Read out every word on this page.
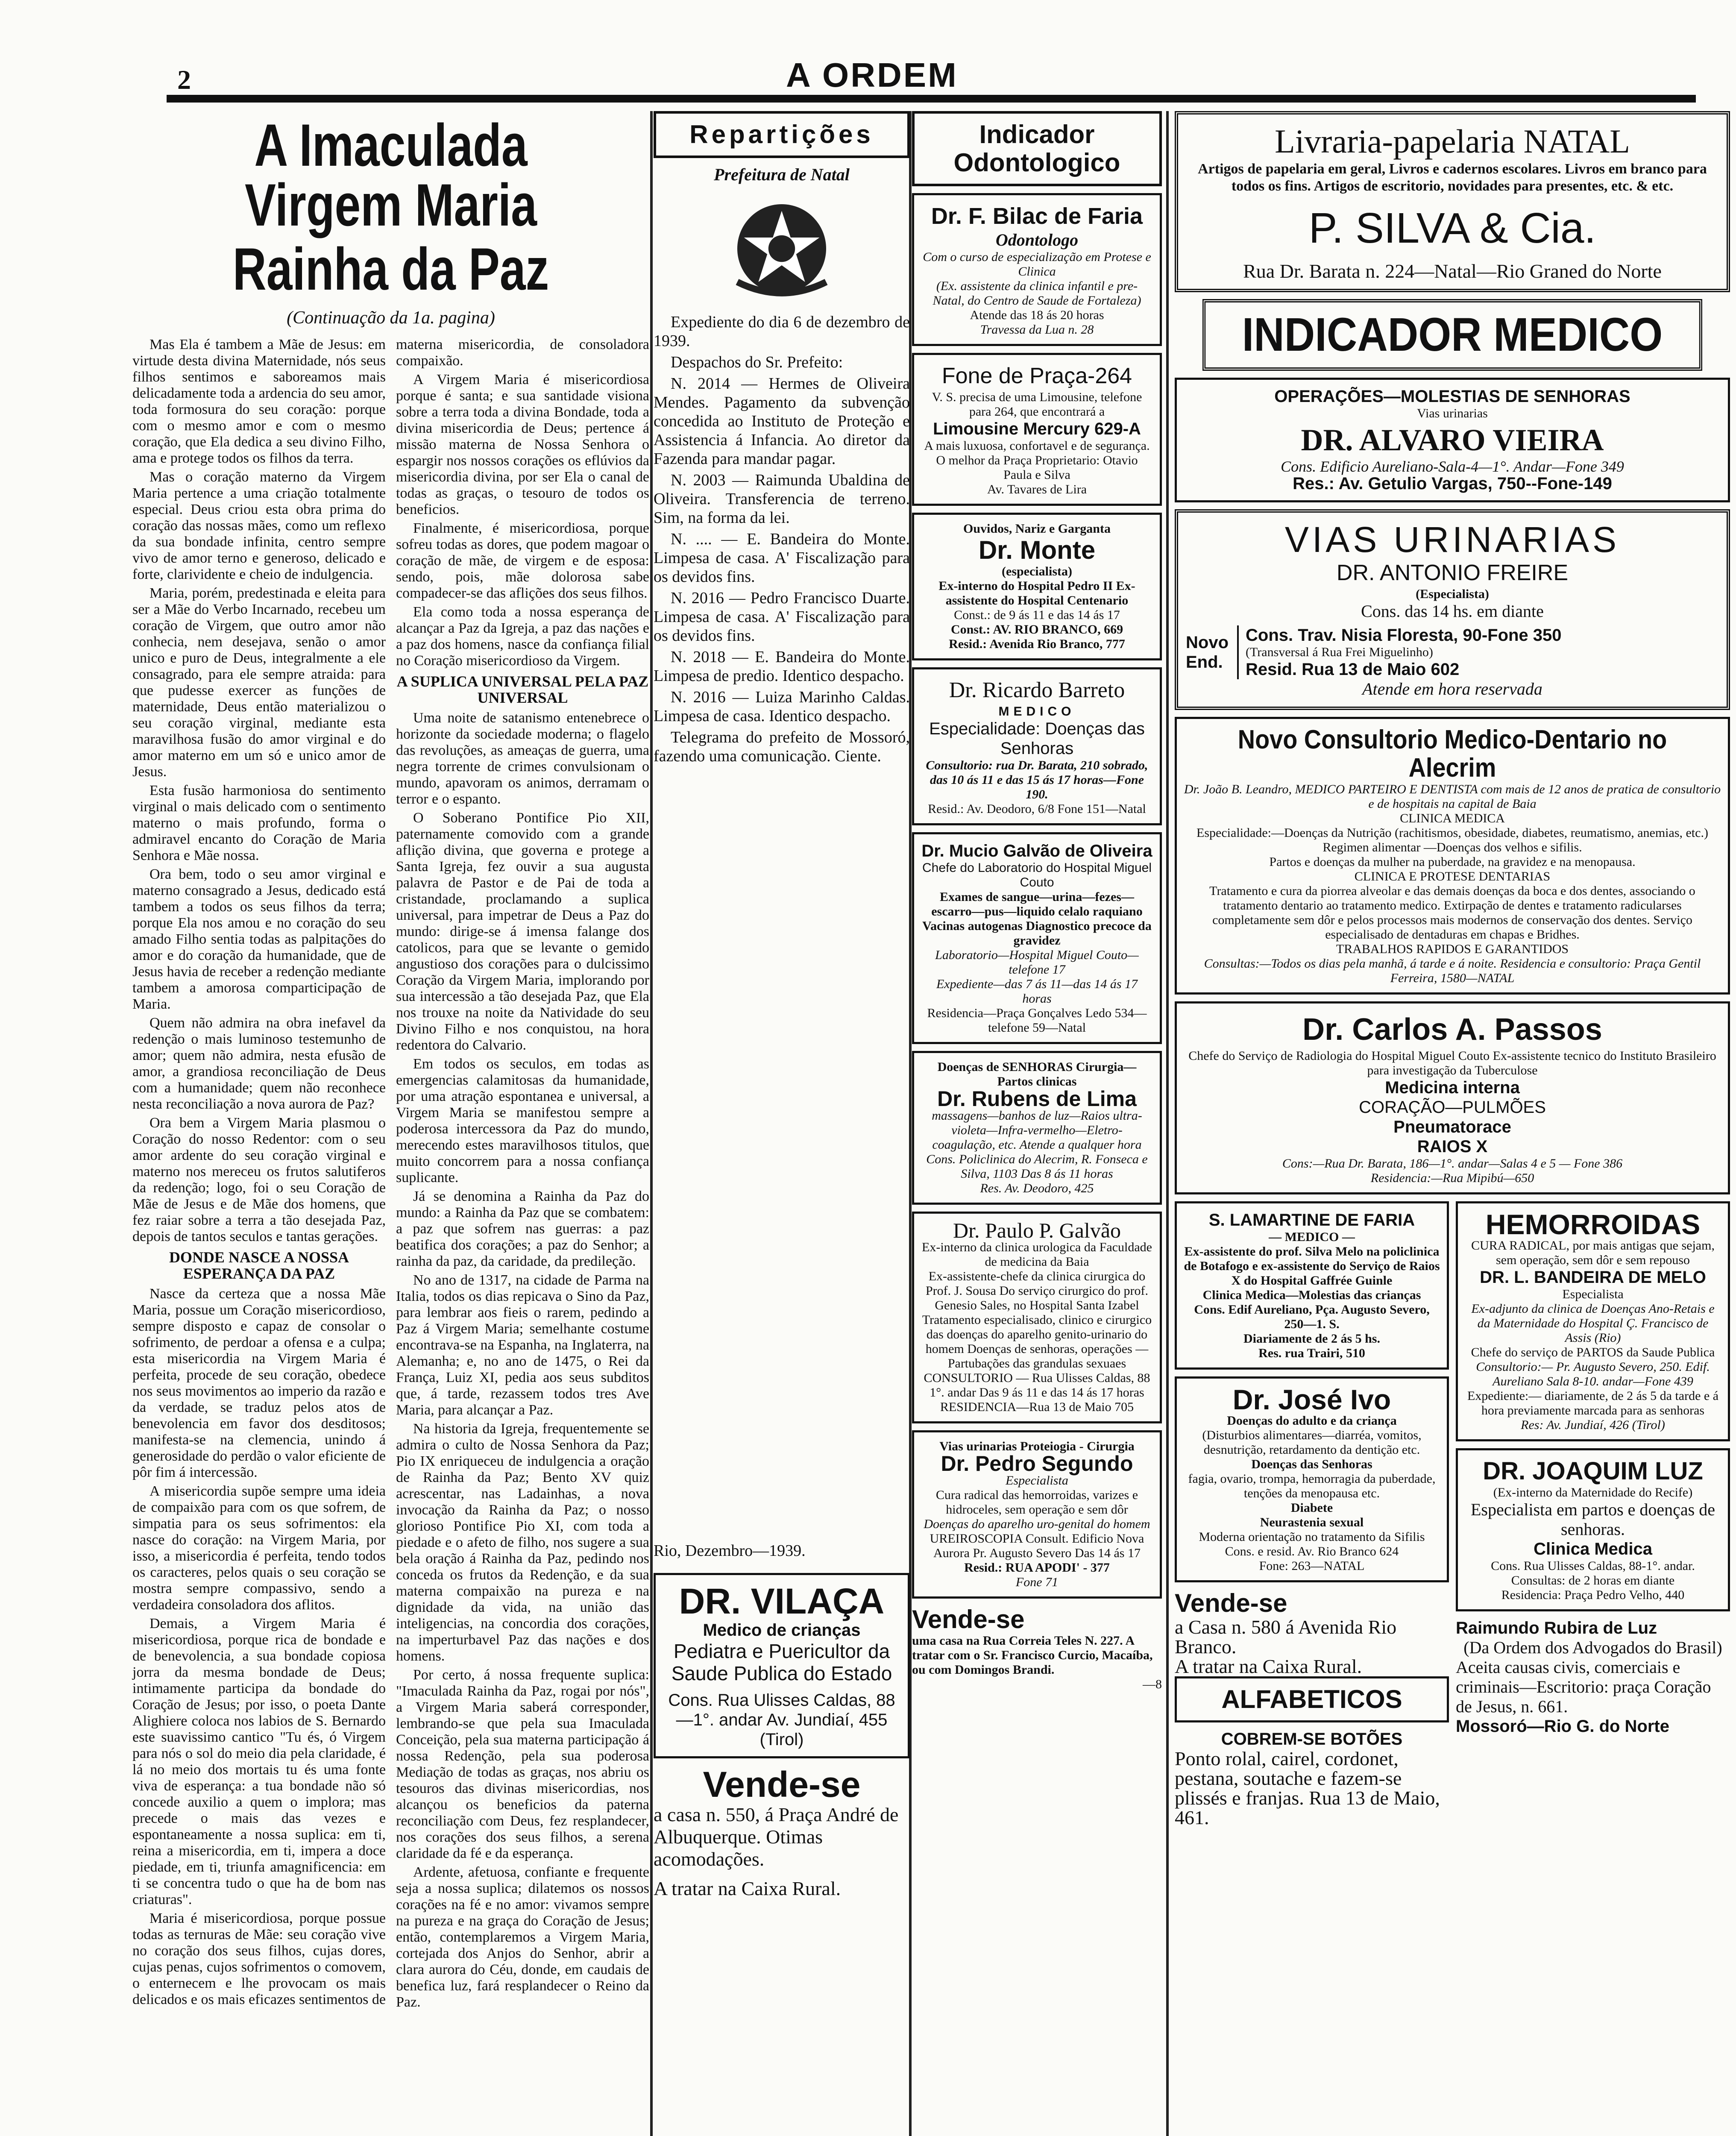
2	A ORDEM
A Imaculada Virgem Maria
Rainha da Paz
(Continuação da 1a. pagina)

Mas Ela é tambem a Mãe de Jesus: em virtude desta divina Maternidade, nós seus filhos sentimos e saboreamos mais delicadamente toda a ardencia do seu amor, toda formosura do seu coração: porque com o mesmo amor e com o mesmo coração, que Ela dedica a seu divino Filho, ama e protege todos os filhos da terra.

Mas o coração materno da Virgem Maria pertence a uma criação totalmente especial. Deus criou esta obra prima do coração das nossas mães, como um reflexo da sua bondade infinita, centro sempre vivo de amor terno e generoso, delicado e forte, clarividente e cheio de indulgencia.

Maria, porém, predestinada e eleita para ser a Mãe do Verbo Incarnado, recebeu um coração de Virgem, que outro amor não conhecia, nem desejava, senão o amor unico e puro de Deus, integralmente a ele consagrado, para ele sempre atraida: para que pudesse exercer as funções de maternidade, Deus então materializou o seu coração virginal, mediante esta maravilhosa fusão do amor virginal e do amor materno em um só e unico amor de Jesus.

Esta fusão harmoniosa do sentimento virginal o mais delicado com o sentimento materno o mais profundo, forma o admiravel encanto do Coração de Maria Senhora e Mãe nossa.

Ora bem, todo o seu amor virginal e materno consagrado a Jesus, dedicado está tambem a todos os seus filhos da terra; porque Ela nos amou e no coração do seu amado Filho sentia todas as palpitações do amor e do coração da humanidade, que de Jesus havia de receber a redenção mediante tambem a amorosa comparticipação de Maria.

Quem não admira na obra inefavel da redenção o mais luminoso testemunho de amor; quem não admira, nesta efusão de amor, a grandiosa reconciliação de Deus com a humanidade; quem não reconhece nesta reconciliação a nova aurora de Paz?

Ora bem a Virgem Maria plasmou o Coração do nosso Redentor: com o seu amor ardente do seu coração virginal e materno nos mereceu os frutos salutiferos da redenção; logo, foi o seu Coração de Mãe de Jesus e de Mãe dos homens, que fez raiar sobre a terra a tão desejada Paz, depois de tantos seculos e tantas gerações.

DONDE NASCE A NOSSA ESPERANÇA DA PAZ

Nasce da certeza que a nossa Mãe Maria, possue um Coração misericordioso, sempre disposto e capaz de consolar o sofrimento, de perdoar a ofensa e a culpa; esta misericordia na Virgem Maria é perfeita, procede de seu coração, obedece nos seus movimentos ao imperio da razão e da verdade, se traduz pelos atos de benevolencia em favor dos desditosos; manifesta-se na clemencia, unindo á generosidade do perdão o valor eficiente de pôr fim á intercessão.

A misericordia supõe sempre uma ideia de compaixão para com os que sofrem, de simpatia para os seus sofrimentos: ela nasce do coração: na Virgem Maria, por isso, a misericordia é perfeita, tendo todos os caracteres, pelos quais o seu coração se mostra sempre compassivo, sendo a verdadeira consoladora dos aflitos.

Demais, a Virgem Maria é misericordiosa, porque rica de bondade e de benevolencia, a sua bondade copiosa jorra da mesma bondade de Deus; intimamente participa da bondade do Coração de Jesus; por isso, o poeta Dante Alighiere coloca nos labios de S. Bernardo este suavissimo cantico "Tu és, ó Virgem para nós o sol do meio dia pela claridade, é lá no meio dos mortais tu és uma fonte viva de esperança: a tua bondade não só concede auxilio a quem o implora; mas precede o mais das vezes e espontaneamente a nossa suplica: em ti, reina a misericordia, em ti, impera a doce piedade, em ti, triunfa amagnificencia: em ti se concentra tudo o que ha de bom nas criaturas".

Maria é misericordiosa, porque possue todas as ternuras de Mãe: seu coração vive no coração dos seus filhos, cujas dores, cujas penas, cujos sofrimentos o comovem, o enternecem e lhe provocam os mais delicados e os mais eficazes sentimentos de materna misericordia, de consoladora compaixão.

A Virgem Maria é misericordiosa porque é santa; e sua santidade visiona sobre a terra toda a divina Bondade, toda a divina misericordia de Deus; pertence á missão materna de Nossa Senhora o espargir nos nossos corações os eflúvios da misericordia divina, por ser Ela o canal de todas as graças, o tesouro de todos os beneficios.

Finalmente, é misericordiosa, porque sofreu todas as dores, que podem magoar o coração de mãe, de virgem e de esposa: sendo, pois, mãe dolorosa sabe compadecer-se das aflições dos seus filhos.

Ela como toda a nossa esperança de alcançar a Paz da Igreja, a paz das nações e a paz dos homens, nasce da confiança filial no Coração misericordioso da Virgem.

A SUPLICA UNIVERSAL PELA PAZ UNIVERSAL

Uma noite de satanismo entenebrece o horizonte da sociedade moderna; o flagelo das revoluções, as ameaças de guerra, uma negra torrente de crimes convulsionam o mundo, apavoram os animos, derramam o terror e o espanto.

O Soberano Pontifice Pio XII, paternamente comovido com a grande aflição divina, que governa e protege a Santa Igreja, fez ouvir a sua augusta palavra de Pastor e de Pai de toda a cristandade, proclamando a suplica universal, para impetrar de Deus a Paz do mundo: dirige-se á imensa falange dos catolicos, para que se levante o gemido angustioso dos corações para o dulcissimo Coração da Virgem Maria, implorando por sua intercessão a tão desejada Paz, que Ela nos trouxe na noite da Natividade do seu Divino Filho e nos conquistou, na hora redentora do Calvario.

Em todos os seculos, em todas as emergencias calamitosas da humanidade, por uma atração espontanea e universal, a Virgem Maria se manifestou sempre a poderosa intercessora da Paz do mundo, merecendo estes maravilhosos titulos, que muito concorrem para a nossa confiança suplicante.

Já se denomina a Rainha da Paz do mundo: a Rainha da Paz que se combatem: a paz que sofrem nas guerras: a paz beatifica dos corações; a paz do Senhor; a rainha da paz, da caridade, da predileção.

No ano de 1317, na cidade de Parma na Italia, todos os dias repicava o Sino da Paz, para lembrar aos fieis o rarem, pedindo a Paz á Virgem Maria; semelhante costume encontrava-se na Espanha, na Inglaterra, na Alemanha; e, no ano de 1475, o Rei da França, Luiz XI, pedia aos seus subditos que, á tarde, rezassem todos tres Ave Maria, para alcançar a Paz.

Na historia da Igreja, frequentemente se admira o culto de Nossa Senhora da Paz; Pio IX enriqueceu de indulgencia a oração de Rainha da Paz; Bento XV quiz acrescentar, nas Ladainhas, a nova invocação da Rainha da Paz; o nosso glorioso Pontifice Pio XI, com toda a piedade e o afeto de filho, nos sugere a sua bela oração á Rainha da Paz, pedindo nos conceda os frutos da Redenção, e da sua materna compaixão na pureza e na dignidade da vida, na união das inteligencias, na concordia dos corações, na imperturbavel Paz das nações e dos homens.

Por certo, á nossa frequente suplica: "Imaculada Rainha da Paz, rogai por nós", a Virgem Maria saberá corresponder, lembrando-se que pela sua Imaculada Conceição, pela sua materna participação á nossa Redenção, pela sua poderosa Mediação de todas as graças, nos abriu os tesouros das divinas misericordias, nos alcançou os beneficios da paterna reconciliação com Deus, fez resplandecer, nos corações dos seus filhos, a serena claridade da fé e da esperança.

Ardente, afetuosa, confiante e frequente seja a nossa suplica; dilatemos os nossos corações na fé e no amor: vivamos sempre na pureza e na graça do Coração de Jesus; então, contemplaremos a Virgem Maria, cortejada dos Anjos do Senhor, abrir a clara aurora do Céu, donde, em caudais de benefica luz, fará resplandecer o Reino da Paz.

Repartições
Prefeitura de Natal

Expediente do dia 6 de dezembro de 1939.

Despachos do Sr. Prefeito:

N. 2014 — Hermes de Oliveira Mendes. Pagamento da subvenção concedida ao Instituto de Proteção e Assistencia á Infancia. Ao diretor da Fazenda para mandar pagar.

N. 2003 — Raimunda Ubaldina de Oliveira. Transferencia de terreno. Sim, na forma da lei.

N. .... — E. Bandeira do Monte. Limpesa de casa. A' Fiscalização para os devidos fins.

N. 2016 — Pedro Francisco Duarte. Limpesa de casa. A' Fiscalização para os devidos fins.

N. 2018 — E. Bandeira do Monte. Limpesa de predio. Identico despacho.

N. 2016 — Luiza Marinho Caldas. Limpesa de casa. Identico despacho.

Telegrama do prefeito de Mossoró, fazendo uma comunicação. Ciente.

Rio, Dezembro—1939.
DR. VILAÇA
Medico de crianças
Pediatra e Puericultor da Saude Publica do Estado
Cons. Rua Ulisses Caldas, 88—1°. andar Av. Jundiaí, 455 (Tirol)
Vende-se
a casa n. 550, á Praça André de Albuquerque. Otimas acomodações.
A tratar na Caixa Rural.
Indicador Odontologico
Dr. F. Bilac de Faria
Odontologo
Com o curso de especialização em Protese e Clinica
(Ex. assistente da clinica infantil e pre-Natal, do Centro de Saude de Fortaleza)
Atende das 18 ás 20 horas
Travessa da Lua n. 28
Fone de Praça-264
V. S. precisa de uma Limousine, telefone para 264, que encontrará a
Limousine Mercury 629-A
A mais luxuosa, confortavel e de segurança. O melhor da Praça Proprietario: Otavio Paula e Silva
Av. Tavares de Lira
Ouvidos, Nariz e Garganta
Dr. Monte
(especialista)
Ex-interno do Hospital Pedro II Ex-assistente do Hospital Centenario
Const.: de 9 ás 11 e das 14 ás 17
Const.: AV. RIO BRANCO, 669
Resid.: Avenida Rio Branco, 777
Dr. Ricardo Barreto
MEDICO
Especialidade: Doenças das Senhoras
Consultorio: rua Dr. Barata, 210 sobrado, das 10 ás 11 e das 15 ás 17 horas—Fone 190.
Resid.: Av. Deodoro, 6/8 Fone 151—Natal
Dr. Mucio Galvão de Oliveira
Chefe do Laboratorio do Hospital Miguel Couto
Exames de sangue—urina—fezes—escarro—pus—liquido celalo raquiano Vacinas autogenas Diagnostico precoce da gravidez
Laboratorio—Hospital Miguel Couto—telefone 17
Expediente—das 7 ás 11—das 14 ás 17 horas
Residencia—Praça Gonçalves Ledo 534—telefone 59—Natal
Doenças de SENHORAS Cirurgia—Partos clinicas
Dr. Rubens de Lima
massagens—banhos de luz—Raios ultra-violeta—Infra-vermelho—Eletro-coagulação, etc. Atende a qualquer hora
Cons. Policlinica do Alecrim, R. Fonseca e Silva, 1103 Das 8 ás 11 horas
Res. Av. Deodoro, 425
Dr. Paulo P. Galvão
Ex-interno da clinica urologica da Faculdade de medicina da Baia
Ex-assistente-chefe da clinica cirurgica do Prof. J. Sousa Do serviço cirurgico do prof. Genesio Sales, no Hospital Santa Izabel
Tratamento especialisado, clinico e cirurgico das doenças do aparelho genito-urinario do homem Doenças de senhoras, operações — Partubações das grandulas sexuaes
CONSULTORIO — Rua Ulisses Caldas, 88 1°. andar Das 9 ás 11 e das 14 ás 17 horas
RESIDENCIA—Rua 13 de Maio 705
Vias urinarias Proteiogia - Cirurgia
Dr. Pedro Segundo
Especialista
Cura radical das hemorroidas, varizes e hidroceles, sem operação e sem dôr
Doenças do aparelho uro-genital do homem
UREIROSCOPIA Consult. Edificio Nova Aurora Pr. Augusto Severo Das 14 ás 17
Resid.: RUA APODI' - 377
Fone 71
Vende-se
uma casa na Rua Correia Teles N. 227. A tratar com o Sr. Francisco Curcio, Macaíba, ou com Domingos Brandi.
—8
Livraria-papelaria NATAL
Artigos de papelaria em geral, Livros e cadernos escolares. Livros em branco para todos os fins. Artigos de escritorio, novidades para presentes, etc. & etc.
P. SILVA & Cia.
Rua Dr. Barata n. 224—Natal—Rio Graned do Norte
INDICADOR MEDICO
OPERAÇÕES—MOLESTIAS DE SENHORAS
Vias urinarias
DR. ALVARO VIEIRA
Cons. Edificio Aureliano-Sala-4—1°. Andar—Fone 349
Res.: Av. Getulio Vargas, 750--Fone-149
VIAS URINARIAS
DR. ANTONIO FREIRE
(Especialista)
Cons. das 14 hs. em diante
Novo
End.
Cons. Trav. Nisia Floresta, 90-Fone 350
(Transversal á Rua Frei Miguelinho)
Resid. Rua 13 de Maio 602
Atende em hora reservada
Novo Consultorio Medico-Dentario no Alecrim
Dr. João B. Leandro, MEDICO PARTEIRO E DENTISTA com mais de 12 anos de pratica de consultorio e de hospitais na capital de Baia
CLINICA MEDICA
Especialidade:—Doenças da Nutrição (rachitismos, obesidade, diabetes, reumatismo, anemias, etc.) Regimen alimentar —Doenças dos velhos e sifilis.
Partos e doenças da mulher na puberdade, na gravidez e na menopausa.
CLINICA E PROTESE DENTARIAS
Tratamento e cura da piorrea alveolar e das demais doenças da boca e dos dentes, associando o tratamento dentario ao tratamento medico. Extirpação de dentes e tratamento radicularses completamente sem dôr e pelos processos mais modernos de conservação dos dentes. Serviço especialisado de dentaduras em chapas e Bridhes.
TRABALHOS RAPIDOS E GARANTIDOS
Consultas:—Todos os dias pela manhã, á tarde e á noite. Residencia e consultorio: Praça Gentil Ferreira, 1580—NATAL
Dr. Carlos A. Passos
Chefe do Serviço de Radiologia do Hospital Miguel Couto Ex-assistente tecnico do Instituto Brasileiro para investigação da Tuberculose
Medicina interna
CORAÇÃO—PULMÕES
Pneumatorace
RAIOS X
Cons:—Rua Dr. Barata, 186—1°. andar—Salas 4 e 5 — Fone 386
Residencia:—Rua Mipibú—650
S. LAMARTINE DE FARIA
— MEDICO —
Ex-assistente do prof. Silva Melo na policlinica de Botafogo e ex-assistente do Serviço de Raios X do Hospital Gaffrée Guinle
Clinica Medica—Molestias das crianças
Cons. Edif Aureliano, Pça. Augusto Severo, 250—1. S.
Diariamente de 2 ás 5 hs.
Res. rua Trairi, 510
Dr. José Ivo
Doenças do adulto e da criança
(Disturbios alimentares—diarréa, vomitos, desnutrição, retardamento da dentição etc.
Doenças das Senhoras
fagia, ovario, trompa, hemorragia da puberdade, tenções da menopausa etc.
Diabete
Neurastenia sexual
Moderna orientação no tratamento da Sifilis
Cons. e resid. Av. Rio Branco 624
Fone: 263—NATAL
Vende-se
a Casa n. 580 á Avenida Rio Branco.
A tratar na Caixa Rural.
ALFABETICOS
COBREM-SE BOTÕES
Ponto rolal, cairel, cordonet, pestana, soutache e fazem-se plissés e franjas. Rua 13 de Maio, 461.
HEMORROIDAS
CURA RADICAL, por mais antigas que sejam, sem operação, sem dôr e sem repouso
DR. L. BANDEIRA DE MELO
Especialista
Ex-adjunto da clinica de Doenças Ano-Retais e da Maternidade do Hospital Ç. Francisco de Assis (Rio)
Chefe do serviço de PARTOS da Saude Publica
Consultorio:— Pr. Augusto Severo, 250. Edif. Aureliano Sala 8-10. andar—Fone 439
Expediente:— diariamente, de 2 ás 5 da tarde e á hora previamente marcada para as senhoras
Res: Av. Jundiaí, 426 (Tirol)
DR. JOAQUIM LUZ
(Ex-interno da Maternidade do Recife)
Especialista em partos e doenças de senhoras.
Clinica Medica
Cons. Rua Ulisses Caldas, 88-1°. andar. Consultas: de 2 horas em diante
Residencia: Praça Pedro Velho, 440
Raimundo Rubira de Luz
(Da Ordem dos Advogados do Brasil)
Aceita causas civis, comerciais e criminais—Escritorio: praça Coração de Jesus, n. 661.
Mossoró—Rio G. do Norte
